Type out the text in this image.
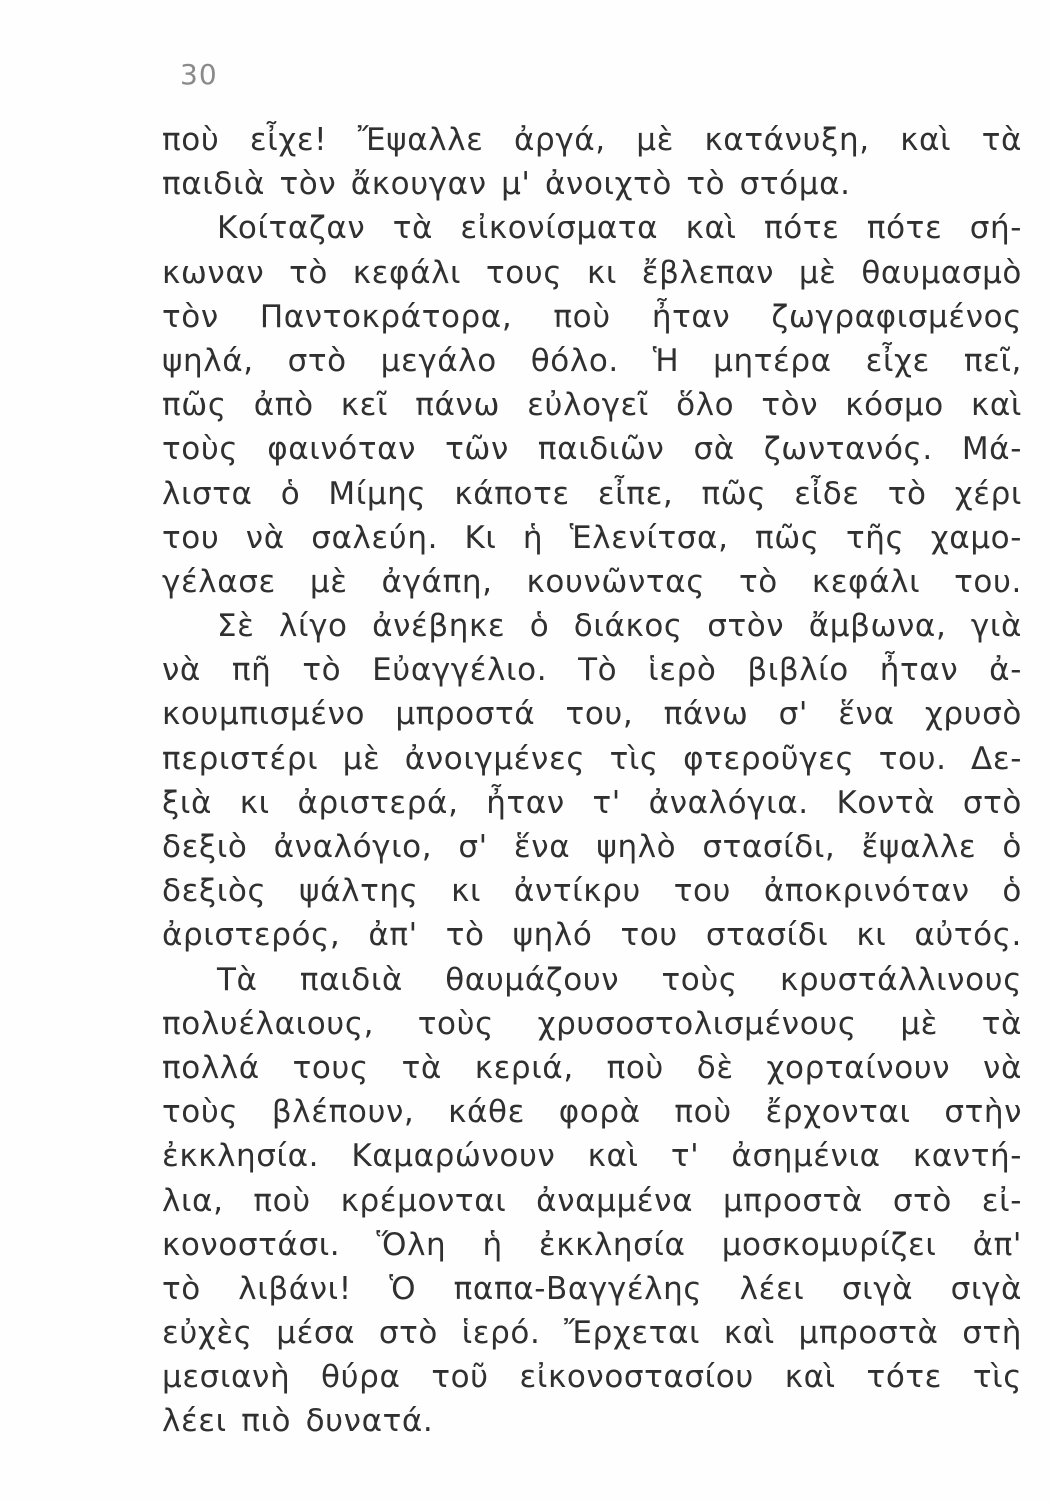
30
ποὺ εἶχε! Ἔψαλλε ἀργά, μὲ κατάνυξη, καὶ τὰ
παιδιὰ τὸν ἄκουγαν μ' ἀνοιχτὸ τὸ στόμα.
Κοίταζαν τὰ εἰκονίσματα καὶ πότε πότε σή-
κωναν τὸ κεφάλι τους κι ἔβλεπαν μὲ θαυμασμὸ
τὸν Παντοκράτορα, ποὺ ἦταν ζωγραφισμένος
ψηλά, στὸ μεγάλο θόλο. Ἡ μητέρα εἶχε πεῖ,
πῶς ἀπὸ κεῖ πάνω εὐλογεῖ ὅλο τὸν κόσμο καὶ
τοὺς φαινόταν τῶν παιδιῶν σὰ ζωντανός. Μά-
λιστα ὁ Μίμης κάποτε εἶπε, πῶς εἶδε τὸ χέρι
του νὰ σαλεύη. Κι ἡ Ἑλενίτσα, πῶς τῆς χαμο-
γέλασε μὲ ἀγάπη, κουνῶντας τὸ κεφάλι του.
Σὲ λίγο ἀνέβηκε ὁ διάκος στὸν ἄμβωνα, γιὰ
νὰ πῆ τὸ Εὐαγγέλιο. Τὸ ἱερὸ βιβλίο ἦταν ἀ-
κουμπισμένο μπροστά του, πάνω σ' ἕνα χρυσὸ
περιστέρι μὲ ἀνοιγμένες τὶς φτεροῦγες του. Δε-
ξιὰ κι ἀριστερά, ἦταν τ' ἀναλόγια. Κοντὰ στὸ
δεξιὸ ἀναλόγιο, σ' ἕνα ψηλὸ στασίδι, ἔψαλλε ὁ
δεξιὸς ψάλτης κι ἀντίκρυ του ἀποκρινόταν ὁ
ἀριστερός, ἀπ' τὸ ψηλό του στασίδι κι αὐτός.
Τὰ παιδιὰ θαυμάζουν τοὺς κρυστάλλινους
πολυέλαιους, τοὺς χρυσοστολισμένους μὲ τὰ
πολλά τους τὰ κεριά, ποὺ δὲ χορταίνουν νὰ
τοὺς βλέπουν, κάθε φορὰ ποὺ ἔρχονται στὴν
ἐκκλησία. Καμαρώνουν καὶ τ' ἀσημένια καντή-
λια, ποὺ κρέμονται ἀναμμένα μπροστὰ στὸ εἰ-
κονοστάσι. Ὅλη ἡ ἐκκλησία μοσκομυρίζει ἀπ'
τὸ λιβάνι! Ὁ παπα-Βαγγέλης λέει σιγὰ σιγὰ
εὐχὲς μέσα στὸ ἱερό. Ἔρχεται καὶ μπροστὰ στὴ
μεσιανὴ θύρα τοῦ εἰκονοστασίου καὶ τότε τὶς
λέει πιὸ δυνατά.
